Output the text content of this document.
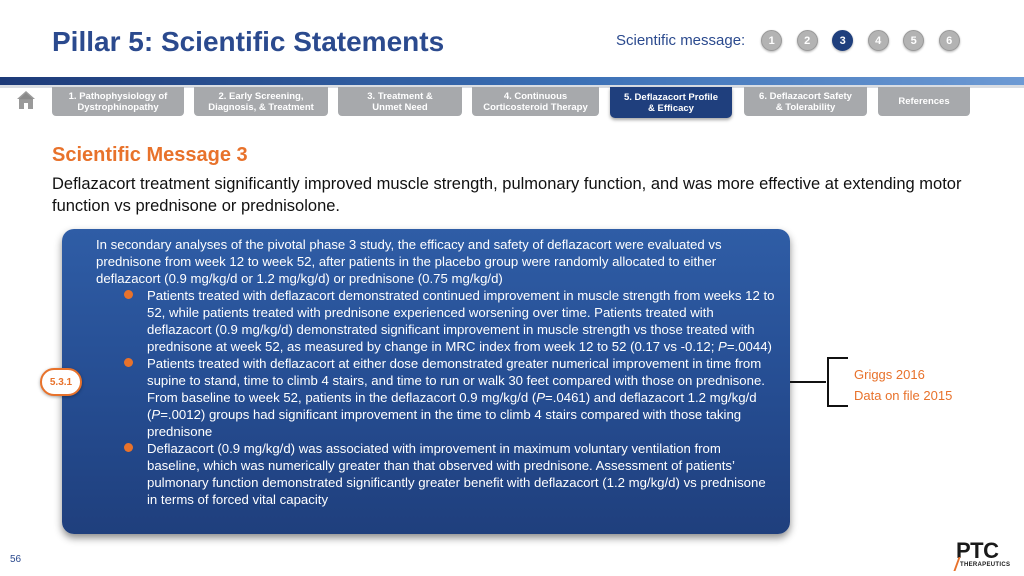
Pillar 5: Scientific Statements	Scientific message:	1	2	3	4	5	6
1. Pathophysiology of
Dystrophinopathy
2. Early Screening,
Diagnosis, & Treatment
3. Treatment &
Unmet Need
4. Continuous
Corticosteroid Therapy
5. Deflazacort Profile
& Efficacy
6. Deflazacort Safety
& Tolerability	References
Scientific Message 3
Deflazacort treatment significantly improved muscle strength, pulmonary function, and was more effective at extending motor function vs prednisone or prednisolone.

In secondary analyses of the pivotal phase 3 study, the efficacy and safety of deflazacort were evaluated vs prednisone from week 12 to week 52, after patients in the placebo group were randomly allocated to either deflazacort (0.9 mg/kg/d or 1.2 mg/kg/d) or prednisone (0.75 mg/kg/d)

Patients treated with deflazacort demonstrated continued improvement in muscle strength from weeks 12 to 52, while patients treated with prednisone experienced worsening over time. Patients treated with deflazacort (0.9 mg/kg/d) demonstrated significant improvement in muscle strength vs those treated with prednisone at week 52, as measured by change in MRC index from week 12 to 52 (0.17 vs -0.12; P=.0044)
Patients treated with deflazacort at either dose demonstrated greater numerical improvement in time from supine to stand, time to climb 4 stairs, and time to run or walk 30 feet compared with those on prednisone. From baseline to week 52, patients in the deflazacort 0.9 mg/kg/d (P=.0461) and deflazacort 1.2 mg/kg/d (P=.0012) groups had significant improvement in the time to climb 4 stairs compared with those taking prednisone
Deflazacort (0.9 mg/kg/d) was associated with improvement in maximum voluntary ventilation from baseline, which was numerically greater than that observed with prednisone. Assessment of patients’ pulmonary function demonstrated significantly greater benefit with deflazacort (1.2 mg/kg/d) vs prednisone in terms of forced vital capacity
5.3.1	Griggs 2016
Data on file 2015
56	PTC
THERAPEUTICS
